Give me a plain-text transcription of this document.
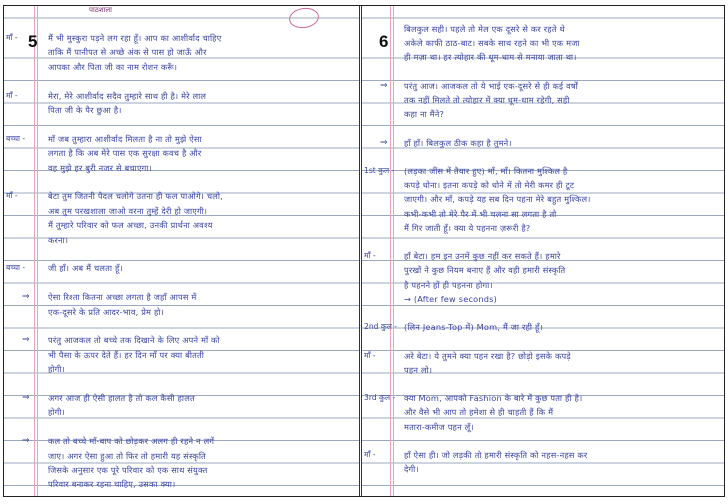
5
पाठशाला
माँ -	मैं भी मुस्कुरा पड़ने लग रहा हूँ। आप का आशीर्वाद चाहिए
ताकि मैं पानीपत से अच्छे अंक से पास हो जाऊँ और
आपका और पिता जी का नाम रोशन करूँ।
माँ -	मेरा, मेरे आशीर्वाद सदैव तुम्हारे साथ ही है। मेरे लाल
पिता जी के पैर छुआ है।
बच्चा -	माँ जब तुम्हारा आशीर्वाद मिलता है ना तो मुझे ऐसा
लगता है कि अब मेरे पास एक सुरक्षा कवच है और
वह मुझे हर बुरी नजर से बचाएगा।
माँ -	बेटा तुम जितनी पैदल चलोगे उतना ही फल पाओगे। चलो,
अब तुम परखशाला जाओ वरना तुम्हें देरी हो जाएगी।
मैं तुम्हारे परिवार को फल अच्छा, उनकी प्रार्थना अवश्य
करना।
बच्चा -	जी हाँ। अब मैं चलता हूँ।
⇒ ऐसा रिश्ता कितना अच्छा लगता है जहाँ आपस में
एक-दूसरे के प्रति आदर-भाव, प्रेम हो।
⇒ परंतु आजकल तो बच्चे तक दिखाने के लिए अपने माँ को
भी पैसा के ऊपर देते हैं। हर दिन माँ पर क्या बीतती
होगी।
⇒ अगर आज ही ऐसी हालत है तो कल कैसी हालत
होगी।
⇒ कल तो बच्चे माँ-बाप को छोड़कर अलग ही रहने न लगें
जाए। अगर ऐसा हुआ तो फिर तो हमारी यह संस्कृति
जिसके अनुसार एक पूरे परिवार को एक साथ संयुक्त
परिवार बनाकर रहना चाहिए, उसका क्या।
6
बिलकुल सही। पहले तो मेल एक दूसरे से कर रहते थे
अकेले काफी ठाठ-बाट। सबके साथ रहने का भी एक मजा
ही मज़ा था। हर त्योहार की धूम-धाम से मनाया जाता था।
⇒ परंतु आज। आजकल तो ये भाई एक-दूसरे से ही कई वर्षों
तक नहीं मिलते तो त्योहार में क्या धूम-धाम रहेगी, सही
कहा ना मैंने?
⇒ हाँ हाँ। बिलकुल ठीक कहा है तुमने।
1st कुल - (लड़का जींस में तैयार हुए) माँ, माँ। कितना मुश्किल है
कपड़े धोना। इतना कपड़े को धोने में तो मेरी कमर ही टूट
जाएगी। और माँ, कपड़े यह सब दिन पहना मेरे बहुत मुश्किल।
कभी-कभी तो मेरे पैर में भी चलना सा लगता है तो
मैं गिर जाती हूँ। क्या ये पहनना ज़रूरी है?
माँ -	हाँ बेटा। हम इन उनमें कुछ नहीं कर सकते हैं। हमारे
पुरखों ने कुछ नियम बनाए हैं और वही हमारी संस्कृति
है पहनने हों ही पहनना होगा।
→ (After few seconds)
2nd कुल - (लिन Jeans-Top में) Mom, मैं जा रही हूँ।
माँ -	अरे बेटा। ये तुमने क्या पहन रखा है? छोड़ो इसके कपड़े
पहन लो।
3rd कुल - क्या Mom, आपको Fashion के बारे में कुछ पता ही है।
और वैसे भी आप तो हमेशा से ही चाहती हैं कि मैं
मतारा-कमीज पहन लूँ।
माँ -	हाँ ऐसा ही। जो लड़की तो हमारी संस्कृति को नहस-नहस कर
देगी।
